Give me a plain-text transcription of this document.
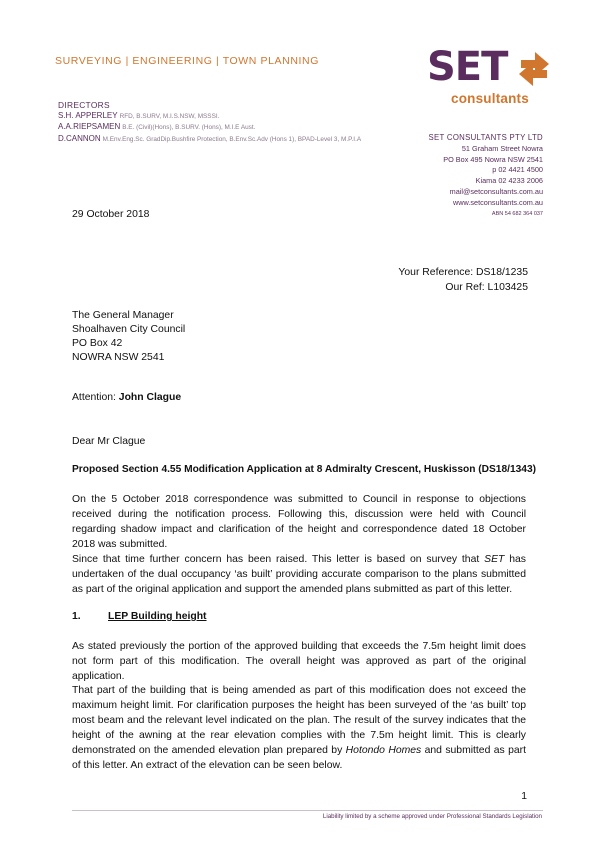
SURVEYING | ENGINEERING | TOWN PLANNING	SET
consultants
DIRECTORS
S.H. APPERLEY RFD, B.SURV, M.I.S.NSW, MSSSI.
A.A.RIEPSAMEN B.E. (Civil)(Hons), B.SURV. (Hons), M.I.E Aust.
D.CANNON M.Env.Eng.Sc. GradDip.Bushfire Protection, B.Env.Sc.Adv (Hons 1), BPAD-Level 3, M.P.I.A	SET CONSULTANTS PTY LTD
51 Graham Street Nowra
PO Box 495 Nowra NSW 2541
p 02 4421 4500
Kiama 02 4233 2006
mail@setconsultants.com.au
www.setconsultants.com.au
ABN 54 682 364 037
29 October 2018
Your Reference: DS18/1235
Our Ref: L103425
The General Manager
Shoalhaven City Council
PO Box 42
NOWRA NSW 2541
Attention: John Clague
Dear Mr Clague
Proposed Section 4.55 Modification Application at 8 Admiralty Crescent, Huskisson (DS18/1343)
On the 5 October 2018 correspondence was submitted to Council in response to objections received during the notification process. Following this, discussion were held with Council regarding shadow impact and clarification of the height and correspondence dated 18 October 2018 was submitted.
Since that time further concern has been raised. This letter is based on survey that SET has undertaken of the dual occupancy ‘as built’ providing accurate comparison to the plans submitted as part of the original application and support the amended plans submitted as part of this letter.
1.	LEP Building height
As stated previously the portion of the approved building that exceeds the 7.5m height limit does not form part of this modification. The overall height was approved as part of the original application.
That part of the building that is being amended as part of this modification does not exceed the maximum height limit. For clarification purposes the height has been surveyed of the ‘as built’ top most beam and the relevant level indicated on the plan. The result of the survey indicates that the height of the awning at the rear elevation complies with the 7.5m height limit. This is clearly demonstrated on the amended elevation plan prepared by Hotondo Homes and submitted as part of this letter. An extract of the elevation can be seen below.
1
Liability limited by a scheme approved under Professional Standards Legislation
